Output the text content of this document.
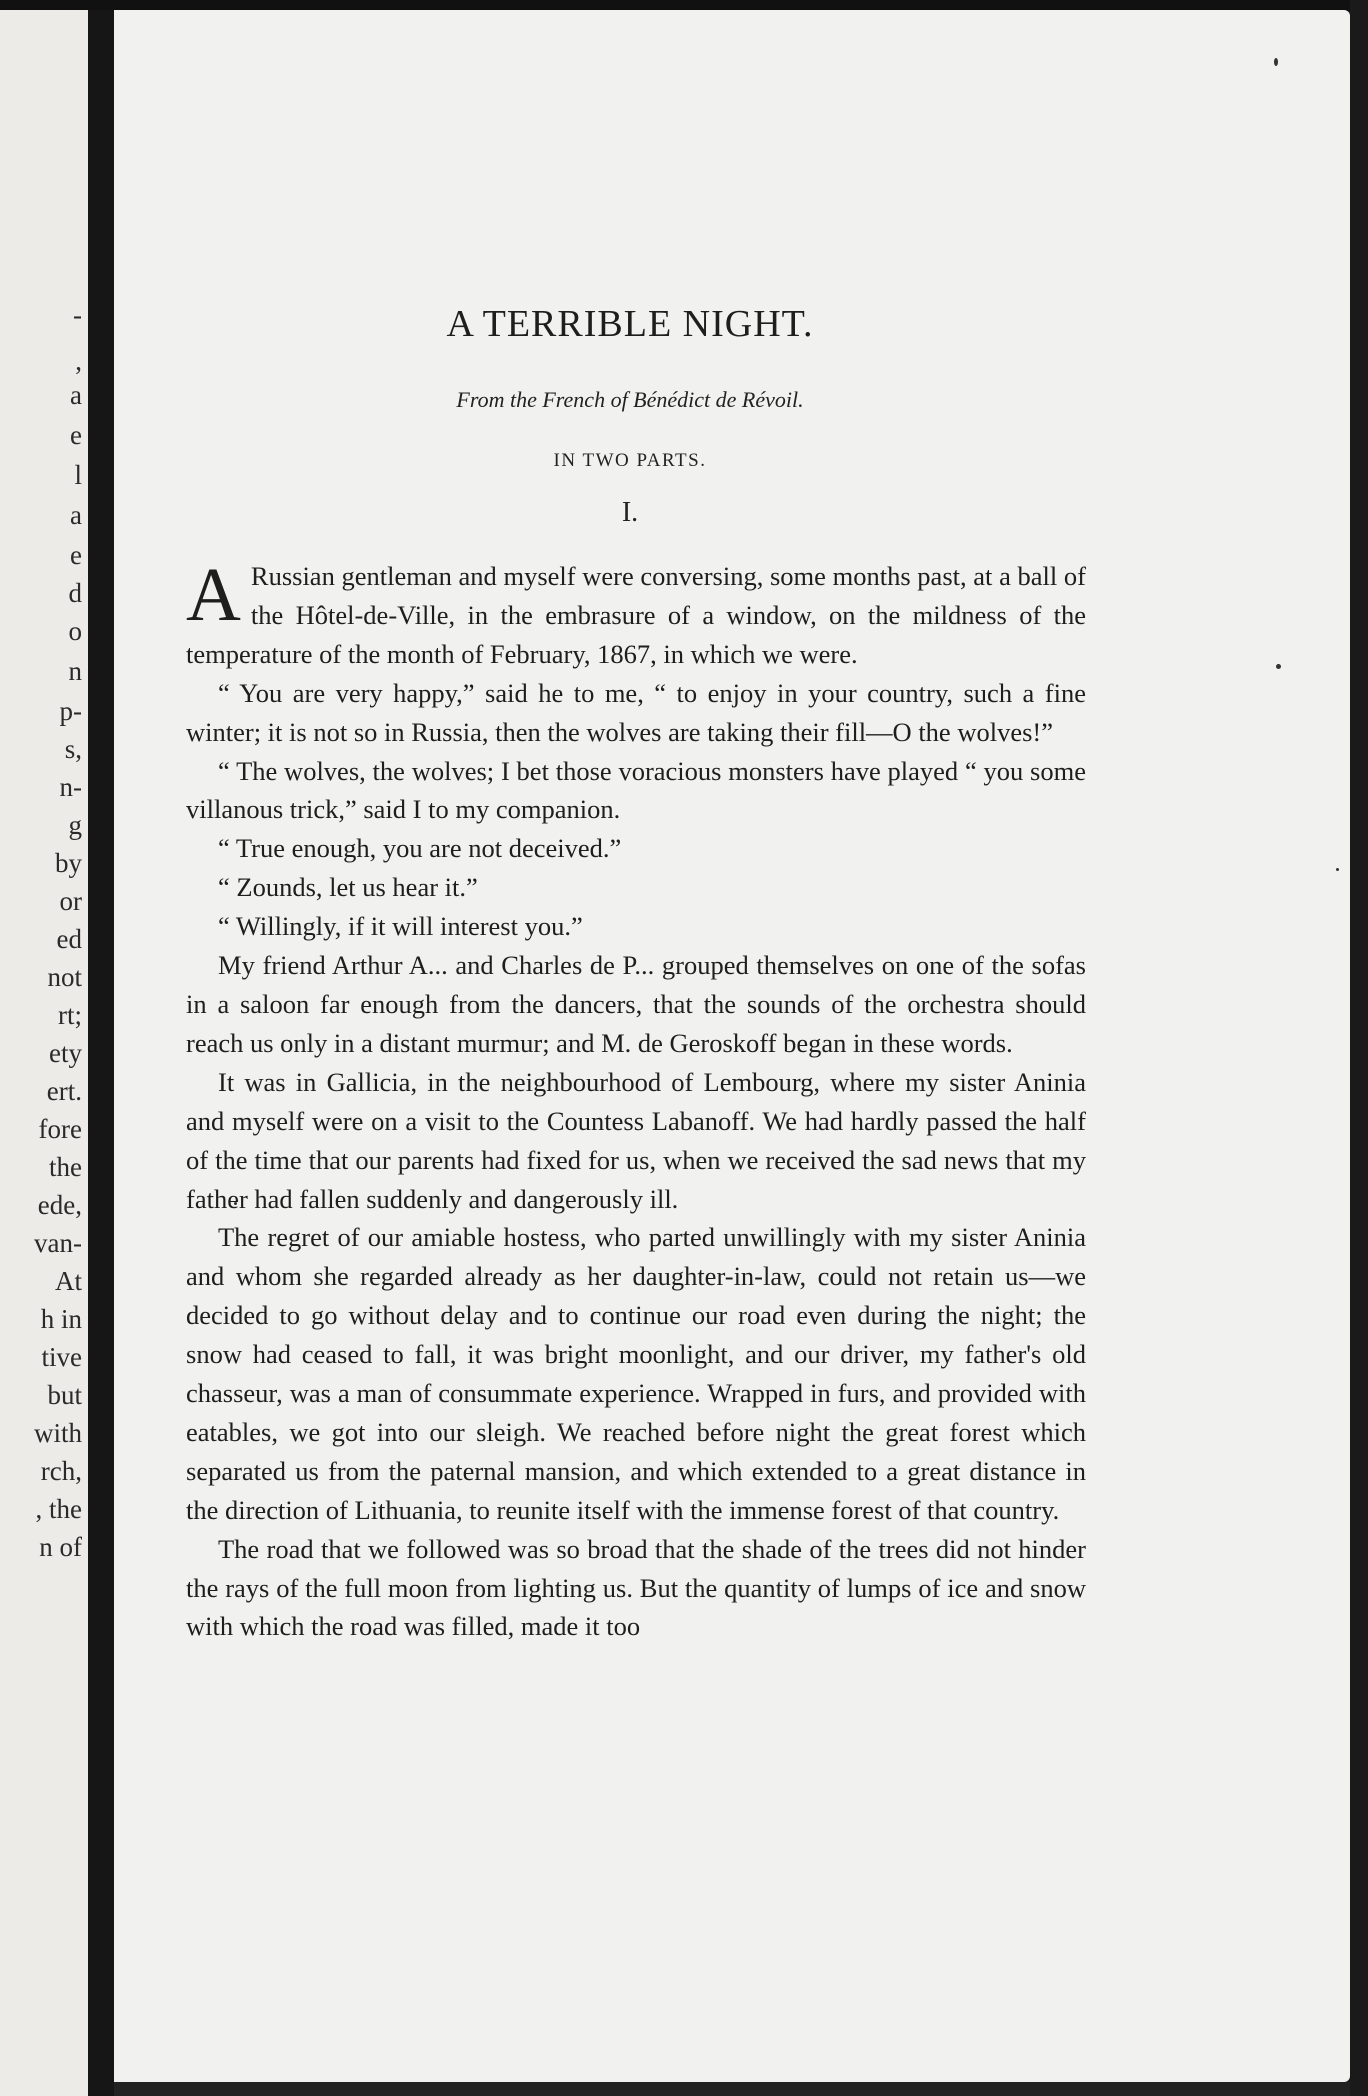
-
,
a
e
l
a
e
d
o
n
p-
s,
n-
g
by
or
ed
not
rt;
ety
ert.
fore
the
ede,
van-
At
h in
tive
but
with
rch,
, the
n of
A TERRIBLE NIGHT.
From the French of Bénédict de Révoil.
IN TWO PARTS.
I.

A Russian gentleman and myself were conversing, some months past, at a ball of the Hôtel-de-Ville, in the embrasure of a window, on the mildness of the temperature of the month of February, 1867, in which we were.

“ You are very happy,” said he to me, “ to enjoy in your country, such a fine winter; it is not so in Russia, then the wolves are taking their fill—O the wolves!”

“ The wolves, the wolves; I bet those voracious monsters have played “ you some villanous trick,” said I to my companion.

“ True enough, you are not deceived.”

“ Zounds, let us hear it.”

“ Willingly, if it will interest you.”

My friend Arthur A... and Charles de P... grouped themselves on one of the sofas in a saloon far enough from the dancers, that the sounds of the orchestra should reach us only in a distant murmur; and M. de Geroskoff began in these words.

It was in Gallicia, in the neighbourhood of Lembourg, where my sister Aninia and myself were on a visit to the Countess Labanoff. We had hardly passed the half of the time that our parents had fixed for us, when we received the sad news that my father had fallen suddenly and dangerously ill.

The regret of our amiable hostess, who parted unwillingly with my sister Aninia and whom she regarded already as her daughter-in-law, could not retain us—we decided to go without delay and to continue our road even during the night; the snow had ceased to fall, it was bright moonlight, and our driver, my father's old chasseur, was a man of consummate experience. Wrapped in furs, and provided with eatables, we got into our sleigh. We reached before night the great forest which separated us from the paternal mansion, and which extended to a great distance in the direction of Lithuania, to reunite itself with the immense forest of that country.

The road that we followed was so broad that the shade of the trees did not hinder the rays of the full moon from lighting us. But the quantity of lumps of ice and snow with which the road was filled, made it too
